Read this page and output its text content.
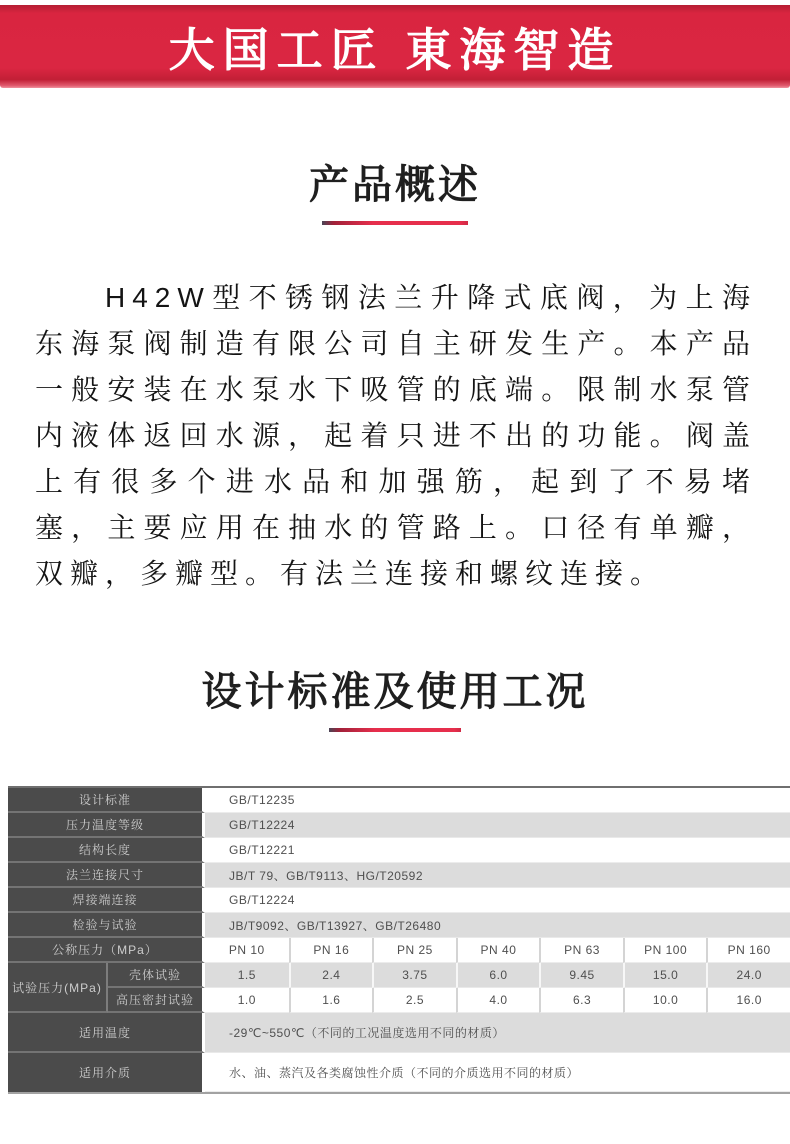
大国工匠 東海智造
产品概述
H42W型不锈钢法兰升降式底阀，为上海东海泵阀制造有限公司自主研发生产。本产品一般安装在水泵水下吸管的底端。限制水泵管内液体返回水源，起着只进不出的功能。阀盖上有很多个进水品和加强筋，起到了不易堵塞，主要应用在抽水的管路上。口径有单瓣，双瓣，多瓣型。有法兰连接和螺纹连接。
设计标准及使用工况
设计标准		GB/T12235						
压力温度等级		GB/T12224						
结构长度		GB/T12221						
法兰连接尺寸		JB/T 79、GB/T9113、HG/T20592						
焊接端连接		GB/T12224						
检验与试验		JB/T9092、GB/T13927、GB/T26480						
公称压力（MPa）		PN 10	PN 16	PN 25	PN 40	PN 63	PN 100	PN 160
试验压力(MPa)	壳体试验	1.5	2.4	3.75	6.0	9.45	15.0	24.0
	高压密封试验	1.0	1.6	2.5	4.0	6.3	10.0	16.0
适用温度		-29℃~550℃（不同的工况温度选用不同的材质）						
适用介质		水、油、蒸汽及各类腐蚀性介质（不同的介质选用不同的材质）						
